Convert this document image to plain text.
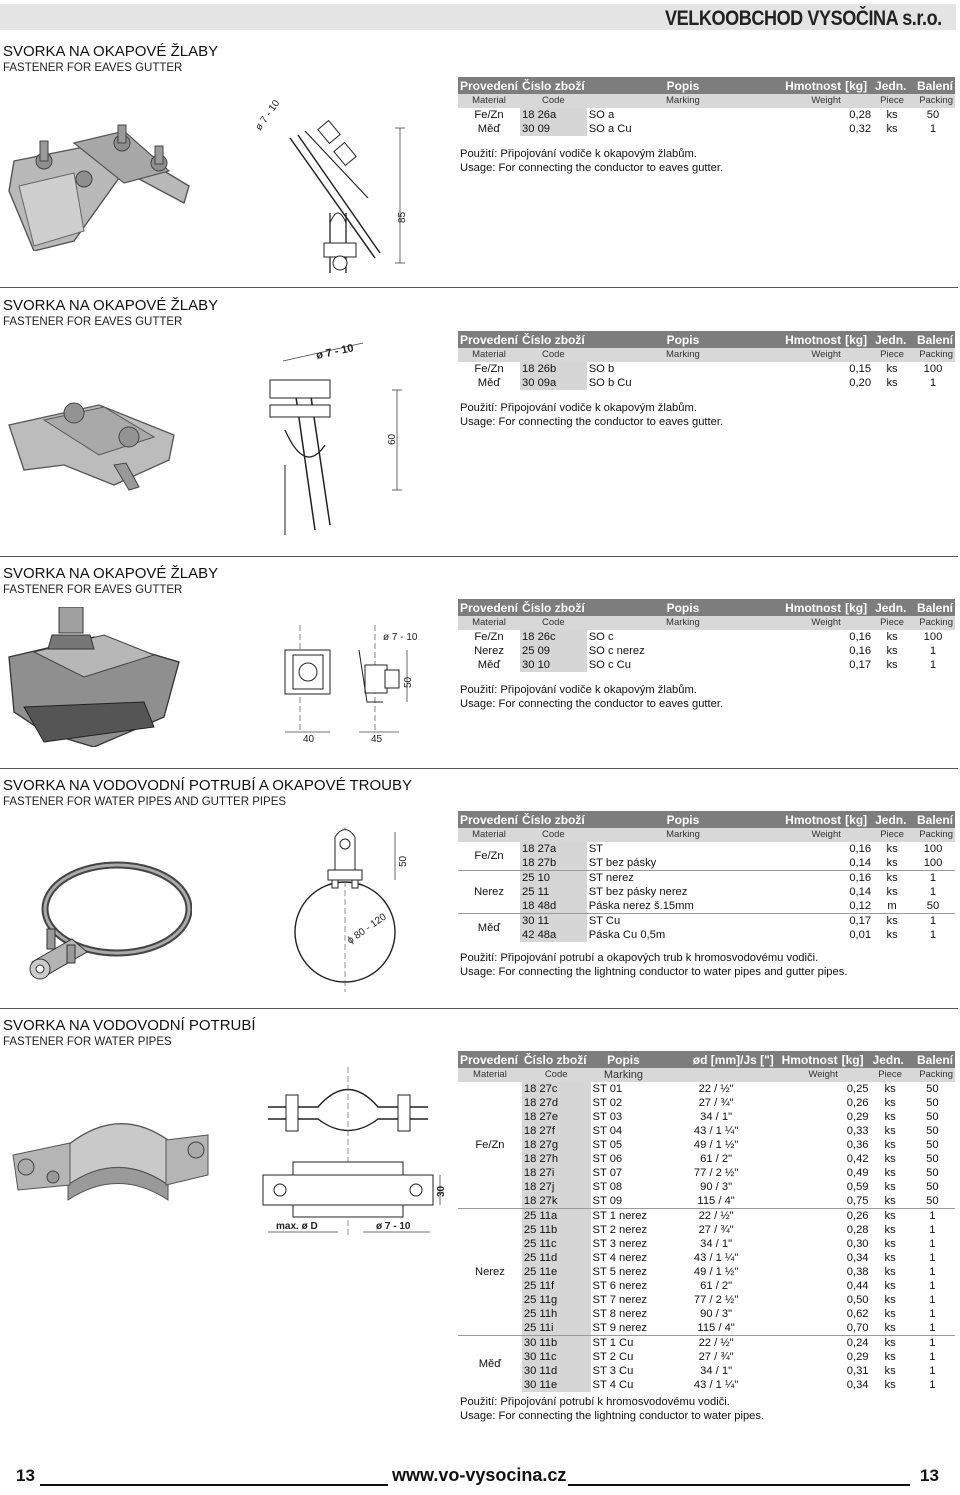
VELKOOBCHOD VYSOČINA s.r.o.
SVORKA NA OKAPOVÉ ŽLABY
FASTENER FOR EAVES GUTTER
85
ø 7 - 10
Provedení	Číslo zboží	Popis	Hmotnost	[kg]	Jedn.	Balení
Material	Code	Marking	Weight		Piece	Packing
Fe/Zn	18 26a	SO a	0,28		ks	50
Měď	30 09	SO a Cu	0,32		ks	1
Použití: Připojování vodiče k okapovým žlabům.
Usage: For connecting the conductor to eaves gutter.
SVORKA NA OKAPOVÉ ŽLABY
FASTENER FOR EAVES GUTTER
60
ø 7 - 10
Provedení	Číslo zboží	Popis	Hmotnost	[kg]	Jedn.	Balení
Material	Code	Marking	Weight		Piece	Packing
Fe/Zn	18 26b	SO b	0,15		ks	100
Měď	30 09a	SO b Cu	0,20		ks	1
Použití: Připojování vodiče k okapovým žlabům.
Usage: For connecting the conductor to eaves gutter.
SVORKA NA OKAPOVÉ ŽLABY
FASTENER FOR EAVES GUTTER
50
ø 7 - 10
40	45
Provedení	Číslo zboží	Popis	Hmotnost	[kg]	Jedn.	Balení
Material	Code	Marking	Weight		Piece	Packing
Fe/Zn	18 26c	SO c	0,16		ks	100
Nerez	25 09	SO c nerez	0,16		ks	1
Měď	30 10	SO c Cu	0,17		ks	1
Použití: Připojování vodiče k okapovým žlabům.
Usage: For connecting the conductor to eaves gutter.
SVORKA NA VODOVODNÍ POTRUBÍ A OKAPOVÉ TROUBY
FASTENER FOR WATER PIPES AND GUTTER PIPES
50
ϕ 80 - 120
Provedení	Číslo zboží	Popis	Hmotnost	[kg]	Jedn.	Balení
Material	Code	Marking	Weight		Piece	Packing
Fe/Zn	18 27a	ST	0,16		ks	100
	18 27b	ST bez pásky	0,14		ks	100
Nerez	25 10	ST nerez	0,16		ks	1
	25 11	ST bez pásky nerez	0,14		ks	1
	18 48d	Páska nerez š.15mm	0,12		m	50
Měď	30 11	ST Cu	0,17		ks	1
	42 48a	Páska Cu 0,5m	0,01		ks	1
Použití: Připojování potrubí a okapových trub k hromosvodovému vodiči.
Usage: For connecting the lightning conductor to water pipes and gutter pipes.
SVORKA NA VODOVODNÍ POTRUBÍ
FASTENER FOR WATER PIPES
30
max. ø D	ø 7 - 10
Provedení	Číslo zboží	Popis	ød [mm]/Js ["]	Hmotnost	[kg]	Jedn.	Balení
Material	Code	Marking		Weight		Piece	Packing
Fe/Zn	18 27c	ST 01	22 / ½"	0,25		ks	50
	18 27d	ST 02	27 / ¾"	0,26		ks	50
	18 27e	ST 03	34 / 1"	0,29		ks	50
	18 27f	ST 04	43 / 1 ¼"	0,33		ks	50
	18 27g	ST 05	49 / 1 ½"	0,36		ks	50
	18 27h	ST 06	61 / 2"	0,42		ks	50
	18 27i	ST 07	77 / 2 ½"	0,49		ks	50
	18 27j	ST 08	90 / 3"	0,59		ks	50
	18 27k	ST 09	115 / 4"	0,75		ks	50
Nerez	25 11a	ST 1 nerez	22 / ½"	0,26		ks	1
	25 11b	ST 2 nerez	27 / ¾"	0,28		ks	1
	25 11c	ST 3 nerez	34 / 1"	0,30		ks	1
	25 11d	ST 4 nerez	43 / 1 ¼"	0,34		ks	1
	25 11e	ST 5 nerez	49 / 1 ½"	0,38		ks	1
	25 11f	ST 6 nerez	61 / 2"	0,44		ks	1
	25 11g	ST 7 nerez	77 / 2 ½"	0,50		ks	1
	25 11h	ST 8 nerez	90 / 3"	0,62		ks	1
	25 11i	ST 9 nerez	115 / 4"	0,70		ks	1
Měď	30 11b	ST 1 Cu	22 / ½"	0,24		ks	1
	30 11c	ST 2 Cu	27 / ¾"	0,29		ks	1
	30 11d	ST 3 Cu	34 / 1"	0,31		ks	1
	30 11e	ST 4 Cu	43 / 1 ¼"	0,34		ks	1
Použití: Připojování potrubí k hromosvodovému vodiči.
Usage: For connecting the lightning conductor to water pipes.
13	www.vo-vysocina.cz	13
